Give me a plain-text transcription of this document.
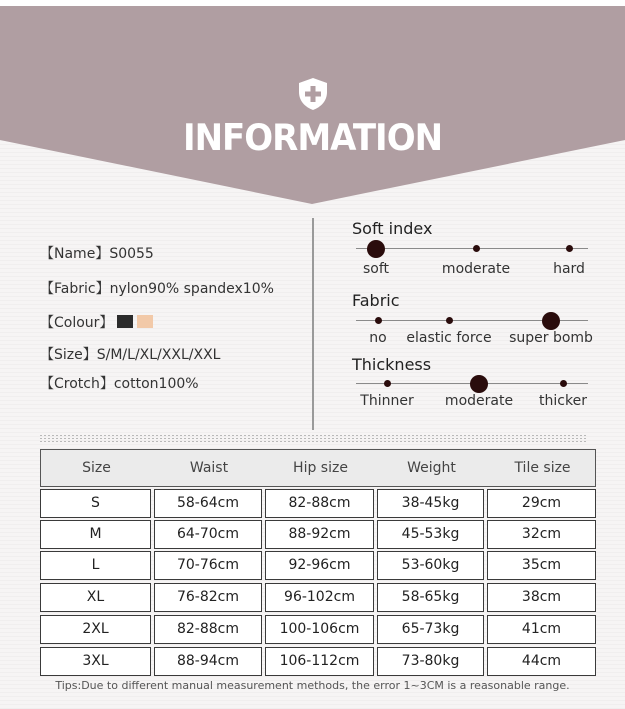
INFORMATION
【Name】S0055
【Fabric】nylon90% spandex10%
【Colour】
【Size】S/M/L/XL/XXL/XXL
【Crotch】cotton100%
Soft index
soft	moderate	hard
Fabric
no elastic force super bomb
Thickness
Thinner moderate thicker
Size	Waist	Hip size	Weight	Tile size
S	58-64cm	82-88cm	38-45kg	29cm
M	64-70cm	88-92cm	45-53kg	32cm
L	70-76cm	92-96cm	53-60kg	35cm
XL	76-82cm	96-102cm	58-65kg	38cm
2XL	82-88cm	100-106cm	65-73kg	41cm
3XL	88-94cm	106-112cm	73-80kg	44cm
Tips:Due to different manual measurement methods, the error 1~3CM is a reasonable range.
